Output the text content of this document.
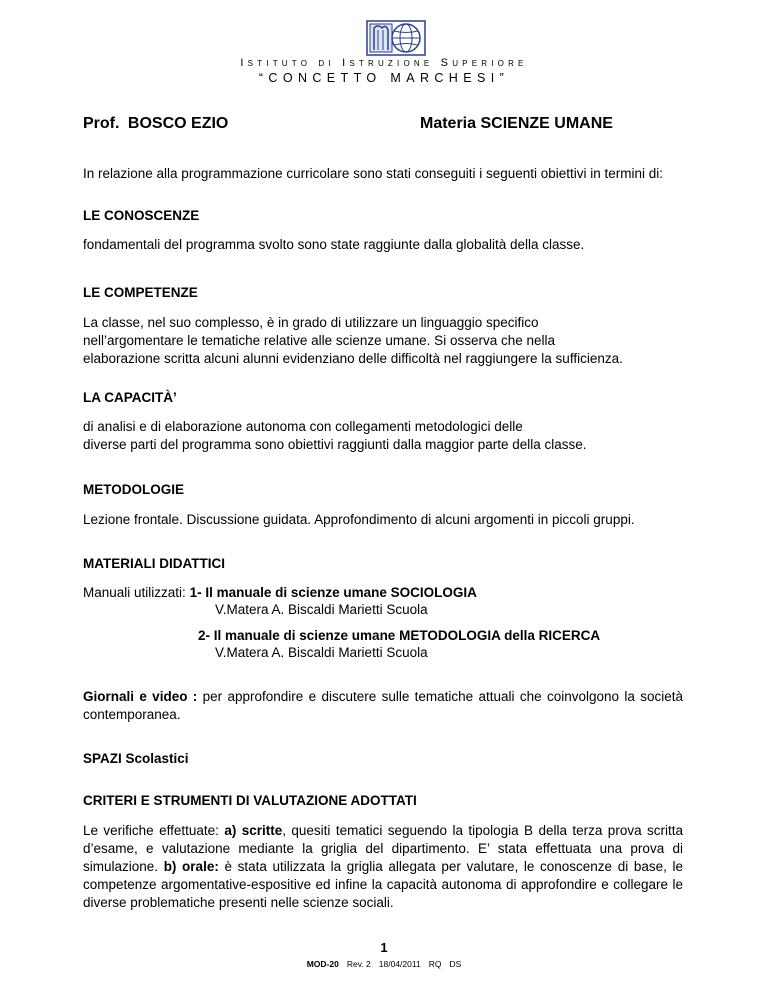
ISTITUTO DI ISTRUZIONE SUPERIORE
“CONCETTO MARCHESI”
Prof. BOSCO EZIO	Materia SCIENZE UMANE

In relazione alla programmazione curricolare sono stati conseguiti i seguenti obiettivi in termini di:

LE CONOSCENZE

fondamentali del programma svolto sono state raggiunte dalla globalità della classe.

LE COMPETENZE

La classe, nel suo complesso, è in grado di utilizzare un linguaggio specifico
nell’argomentare le tematiche relative alle scienze umane. Si osserva che nella
elaborazione scritta alcuni alunni evidenziano delle difficoltà nel raggiungere la sufficienza.

LA CAPACITÀ’

di analisi e di elaborazione autonoma con collegamenti metodologici delle
diverse parti del programma sono obiettivi raggiunti dalla maggior parte della classe.

METODOLOGIE

Lezione frontale. Discussione guidata. Approfondimento di alcuni argomenti in piccoli gruppi.

MATERIALI DIDATTICI

Manuali utilizzati: 1- Il manuale di scienze umane SOCIOLOGIA
V.Matera A. Biscaldi Marietti Scuola
2- Il manuale di scienze umane METODOLOGIA della RICERCA
V.Matera A. Biscaldi Marietti Scuola
Giornali e video : per approfondire e discutere sulle tematiche attuali che coinvolgono la società
contemporanea.

SPAZI Scolastici

CRITERI E STRUMENTI DI VALUTAZIONE ADOTTATI

Le verifiche effettuate: a) scritte, quesiti tematici seguendo la tipologia B della terza prova scritta d’esame, e valutazione mediante la griglia del dipartimento. E’ stata effettuata una prova di simulazione. b) orale: è stata utilizzata la griglia allegata per valutare, le conoscenze di base, le competenze argomentative-espositive ed infine la capacità autonoma di approfondire e collegare le diverse problematiche presenti nelle scienze sociali.

1
MOD-20 Rev. 2 18/04/2011 RQ DS
